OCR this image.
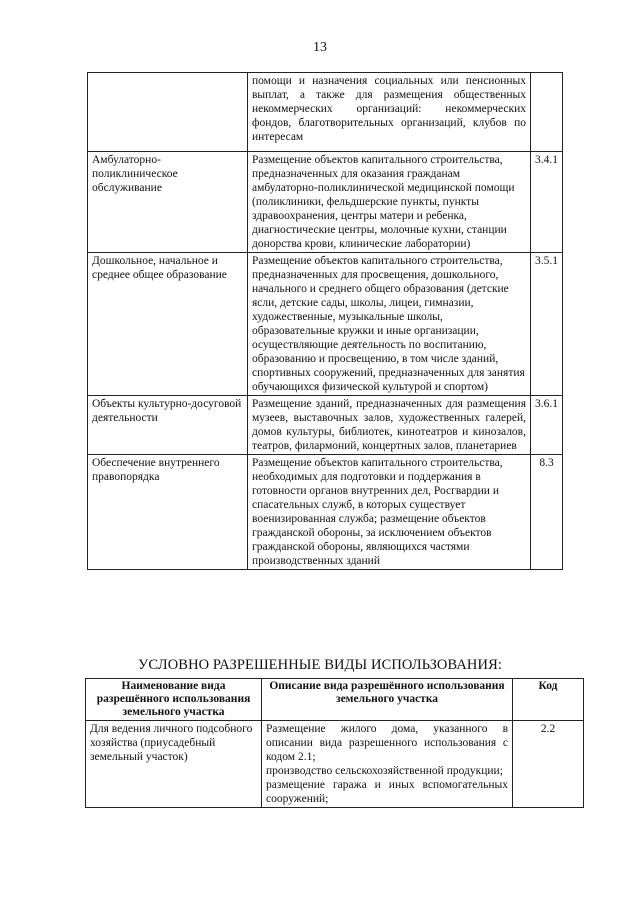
13
	помощи и назначения социальных или пенсионных выплат, а также для размещения общественных некоммерческих организаций: некоммерческих фондов, благотворительных организаций, клубов по интересам	
Амбулаторно-поликлиническое обслуживание	Размещение объектов капитального строительства, предназначенных для оказания гражданам амбулаторно-поликлинической медицинской помощи (поликлиники, фельдшерские пункты, пункты здравоохранения, центры матери и ребенка, диагностические центры, молочные кухни, станции донорства крови, клинические лаборатории)	3.4.1
Дошкольное, начальное и среднее общее образование	Размещение объектов капитального строительства, предназначенных для просвещения, дошкольного, начального и среднего общего образования (детские ясли, детские сады, школы, лицеи, гимназии, художественные, музыкальные школы, образовательные кружки и иные организации, осуществляющие деятельность по воспитанию, образованию и просвещению, в том числе зданий, спортивных сооружений, предназначенных для занятия обучающихся физической культурой и спортом)	3.5.1
Объекты культурно-досуговой деятельности	Размещение зданий, предназначенных для размещения музеев, выставочных залов, художественных галерей, домов культуры, библиотек, кинотеатров и кинозалов, театров, филармоний, концертных залов, планетариев	3.6.1
Обеспечение внутреннего правопорядка	Размещение объектов капитального строительства, необходимых для подготовки и поддержания в готовности органов внутренних дел, Росгвардии и спасательных служб, в которых существует военизированная служба; размещение объектов гражданской обороны, за исключением объектов гражданской обороны, являющихся частями производственных зданий	8.3
УСЛОВНО РАЗРЕШЕННЫЕ ВИДЫ ИСПОЛЬЗОВАНИЯ:
Наименование вида разрешённого использования земельного участка	Описание вида разрешённого использования земельного участка	Код
Для ведения личного подсобного хозяйства (приусадебный земельный участок)	Размещение жилого дома, указанного в описании вида разрешенного использования с кодом 2.1;
производство сельскохозяйственной продукции;
размещение гаража и иных вспомогательных сооружений;	2.2
